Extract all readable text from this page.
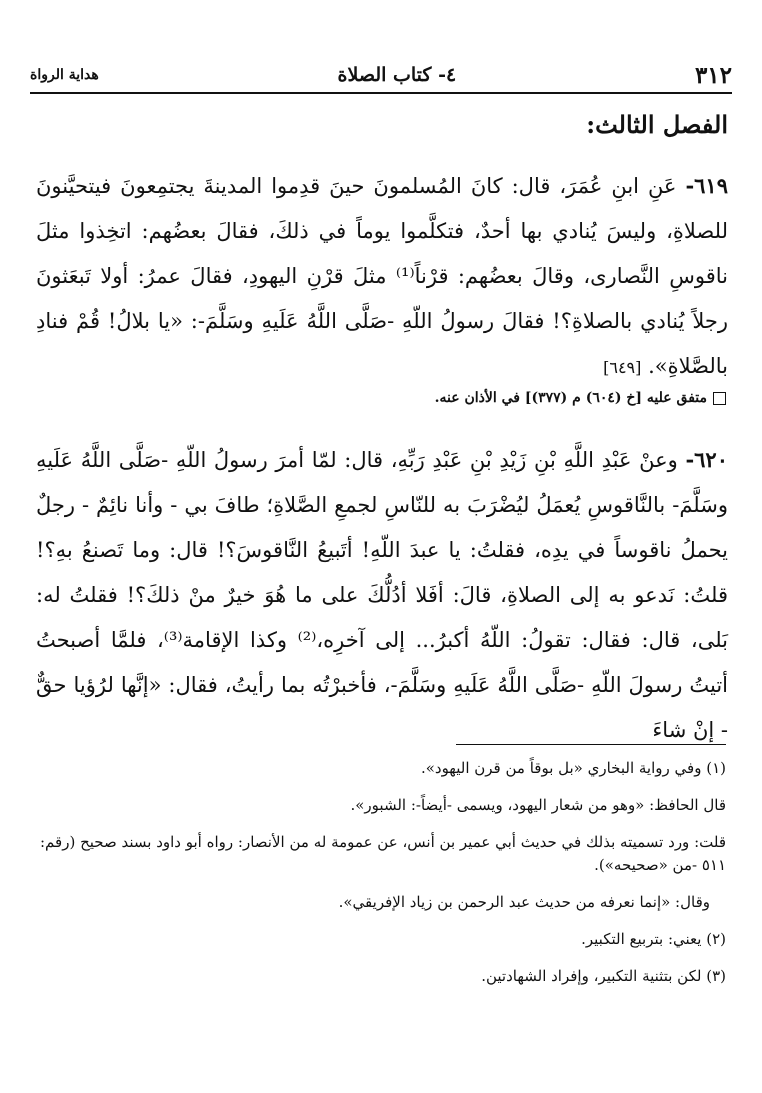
٣١٢
٤- كتاب الصلاة
هداية الرواة
الفصل الثالث:

٦١٩- عَنِ ابنِ عُمَرَ، قال: كانَ المُسلمونَ حينَ قدِموا المدينةَ يجتمِعونَ فيتحيَّنونَ للصلاةِ، وليسَ يُنادي بها أحدٌ، فتكلَّموا يوماً في ذلكَ، فقالَ بعضُهم: اتخِذوا مثلَ ناقوسِ النَّصارى، وقالَ بعضُهم: قرْناً⁽¹⁾ مثلَ قرْنِ اليهودِ، فقالَ عمرُ: أولا تَبعَثونَ رجلاً يُنادي بالصلاةِ؟! فقالَ رسولُ اللّهِ -صَلَّى اللَّهُ عَلَيهِ وسَلَّمَ-: «يا بلالُ! قُمْ فنادِ بالصَّلاةِ». [٦٤٩]

متفق عليه [خ (٦٠٤) م (٣٧٧)] في الأذان عنه.

٦٢٠- وعنْ عَبْدِ اللَّهِ بْنِ زَيْدِ بْنِ عَبْدِ رَبِّهِ، قال: لمّا أمرَ رسولُ اللّهِ -صَلَّى اللَّهُ عَلَيهِ وسَلَّمَ- بالنَّاقوسِ يُعمَلُ ليُضْرَبَ به للنّاسِ لجمعِ الصَّلاةِ؛ طافَ بي - وأنا نائِمٌ - رجلٌ يحملُ ناقوساً في يدِه، فقلتُ: يا عبدَ اللّهِ! أتَبيعُ النَّاقوسَ؟! قال: وما تَصنعُ بهِ؟! قلتُ: نَدعو به إلى الصلاةِ، قالَ: أفَلا أدُلُّكَ على ما هُوَ خيرٌ منْ ذلكَ؟! فقلتُ له: بَلى، قال: فقال: تقولُ: اللّهُ أكبرُ... إلى آخرِه،⁽²⁾ وكذا الإقامة⁽³⁾، فلمَّا أصبحتُ أتيتُ رسولَ اللّهِ -صَلَّى اللَّهُ عَلَيهِ وسَلَّمَ-، فأخبرْتُه بما رأيتُ، فقال: «إنَّها لرُؤيا حقٌّ - إنْ شاءَ

(١) وفي رواية البخاري «بل بوقاً من قرن اليهود».
قال الحافظ: «وهو من شعار اليهود، ويسمى -أيضاً-: الشبور».
قلت: ورد تسميته بذلك في حديث أبي عمير بن أنس، عن عمومة له من الأنصار: رواه أبو داود بسند صحيح (رقم: ٥١١ -من «صحيحه»).
وقال: «إنما نعرفه من حديث عبد الرحمن بن زياد الإفريقي».
(٢) يعني: بتربيع التكبير.
(٣) لكن بتثنية التكبير، وإفراد الشهادتين.
